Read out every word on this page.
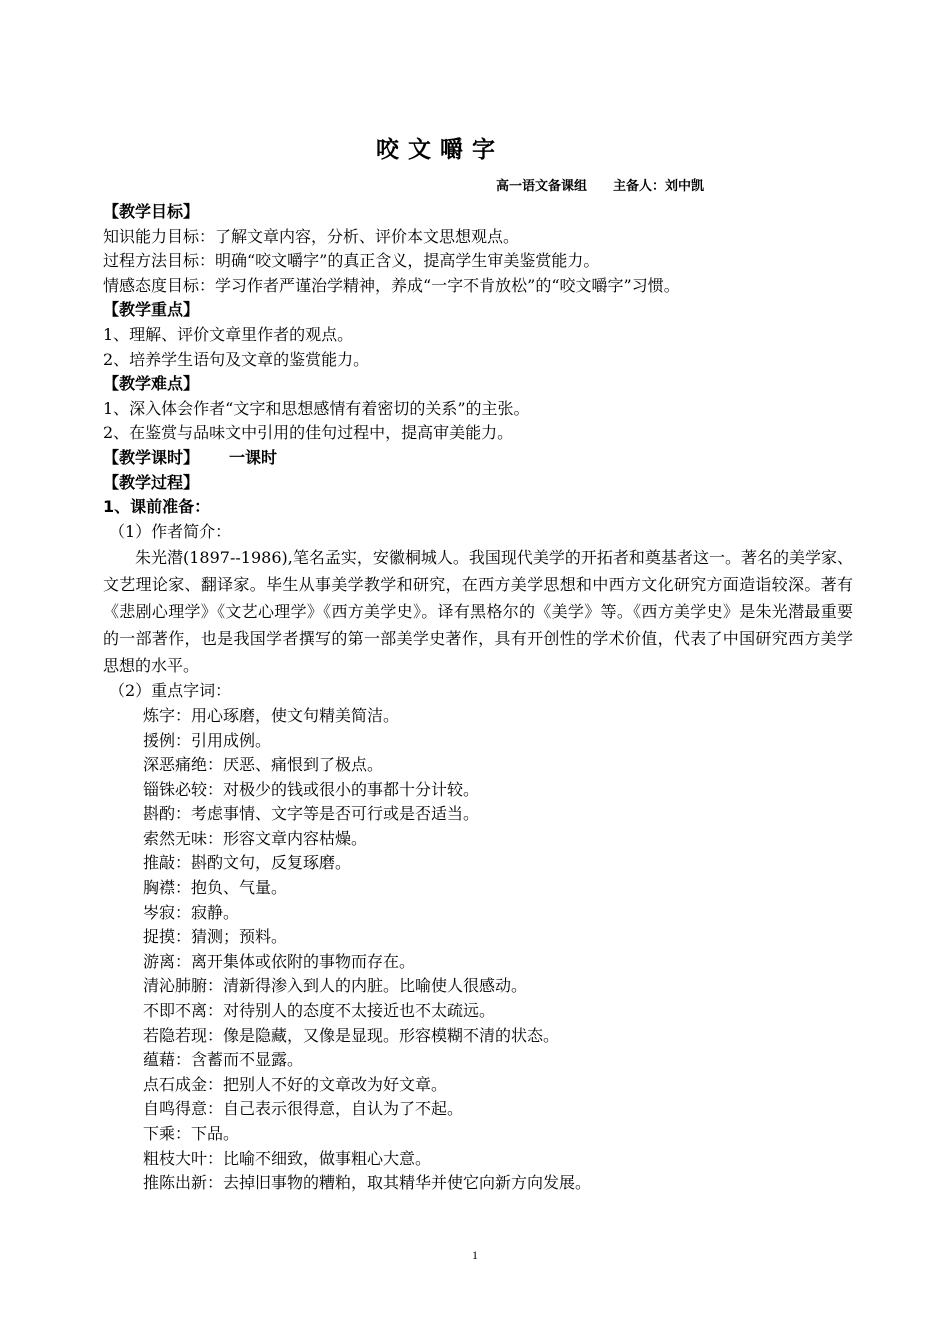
咬文嚼字
高一语文备课组 主备人：刘中凯
【教学目标】
知识能力目标：了解文章内容，分析、评价本文思想观点。
过程方法目标：明确“咬文嚼字”的真正含义，提高学生审美鉴赏能力。
情感态度目标：学习作者严谨治学精神，养成“一字不肯放松”的“咬文嚼字”习惯。
【教学重点】
1、理解、评价文章里作者的观点。
2、培养学生语句及文章的鉴赏能力。
【教学难点】
1、深入体会作者“文字和思想感情有着密切的关系”的主张。
2、在鉴赏与品味文中引用的佳句过程中，提高审美能力。
【教学课时】 一课时
【教学过程】
1、课前准备：
（1）作者简介：
朱光潜(1897--1986),笔名孟实，安徽桐城人。我国现代美学的开拓者和奠基者这一。著名的美学家、文艺理论家、翻译家。毕生从事美学教学和研究，在西方美学思想和中西方文化研究方面造诣较深。著有《悲剧心理学》《文艺心理学》《西方美学史》。译有黑格尔的《美学》等。《西方美学史》是朱光潜最重要的一部著作，也是我国学者撰写的第一部美学史著作，具有开创性的学术价值，代表了中国研究西方美学思想的水平。
（2）重点字词：
炼字：用心琢磨，使文句精美简洁。
援例：引用成例。
深恶痛绝：厌恶、痛恨到了极点。
锱铢必较：对极少的钱或很小的事都十分计较。
斟酌：考虑事情、文字等是否可行或是否适当。
索然无味：形容文章内容枯燥。
推敲：斟酌文句，反复琢磨。
胸襟：抱负、气量。
岑寂：寂静。
捉摸：猜测；预料。
游离：离开集体或依附的事物而存在。
清沁肺腑：清新得渗入到人的内脏。比喻使人很感动。
不即不离：对待别人的态度不太接近也不太疏远。
若隐若现：像是隐藏，又像是显现。形容模糊不清的状态。
蕴藉：含蓄而不显露。
点石成金：把别人不好的文章改为好文章。
自鸣得意：自己表示很得意，自认为了不起。
下乘：下品。
粗枝大叶：比喻不细致，做事粗心大意。
推陈出新：去掉旧事物的糟粕，取其精华并使它向新方向发展。
1
